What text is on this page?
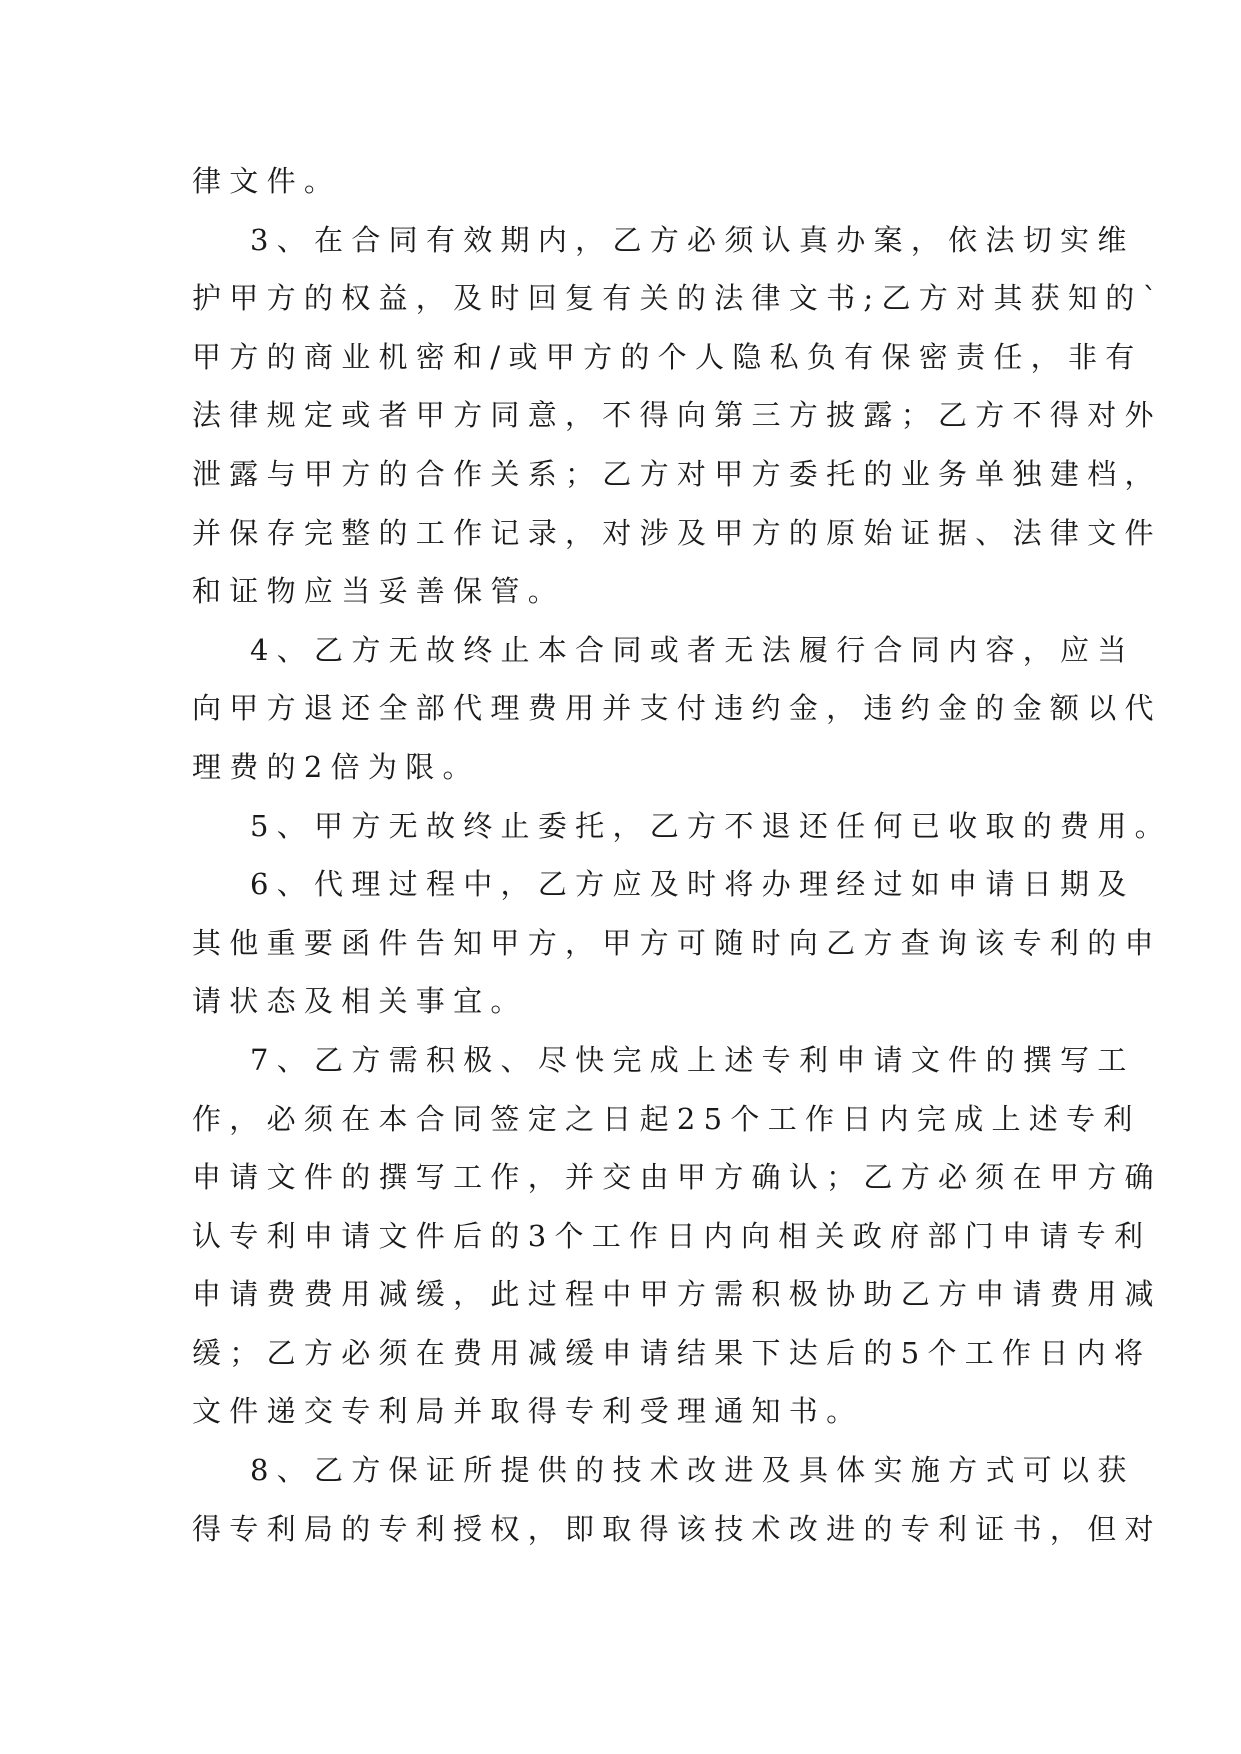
律文件。
3、在合同有效期内，乙方必须认真办案，依法切实维
护甲方的权益，及时回复有关的法律文书;乙方对其获知的`
甲方的商业机密和/或甲方的个人隐私负有保密责任，非有
法律规定或者甲方同意，不得向第三方披露；乙方不得对外
泄露与甲方的合作关系；乙方对甲方委托的业务单独建档，
并保存完整的工作记录，对涉及甲方的原始证据、法律文件
和证物应当妥善保管。
4、乙方无故终止本合同或者无法履行合同内容，应当
向甲方退还全部代理费用并支付违约金，违约金的金额以代
理费的2倍为限。
5、甲方无故终止委托，乙方不退还任何已收取的费用。
6、代理过程中，乙方应及时将办理经过如申请日期及
其他重要函件告知甲方，甲方可随时向乙方查询该专利的申
请状态及相关事宜。
7、乙方需积极、尽快完成上述专利申请文件的撰写工
作，必须在本合同签定之日起25个工作日内完成上述专利
申请文件的撰写工作，并交由甲方确认；乙方必须在甲方确
认专利申请文件后的3个工作日内向相关政府部门申请专利
申请费费用减缓，此过程中甲方需积极协助乙方申请费用减
缓；乙方必须在费用减缓申请结果下达后的5个工作日内将
文件递交专利局并取得专利受理通知书。
8、乙方保证所提供的技术改进及具体实施方式可以获
得专利局的专利授权，即取得该技术改进的专利证书，但对
